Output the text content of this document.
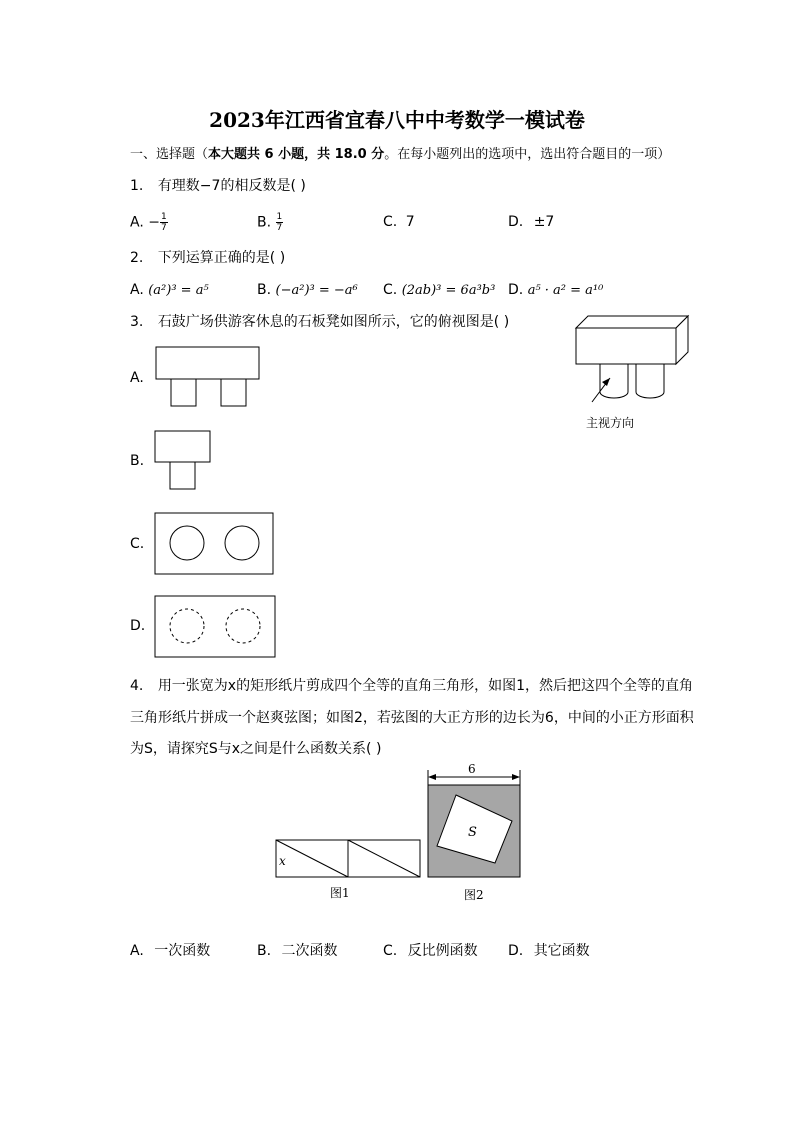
2023年江西省宜春八中中考数学一模试卷
一、选择题（本大题共 6 小题，共 18.0 分。在每小题列出的选项中，选出符合题目的一项）
1. 有理数−7的相反数是( )
A. − $\frac{1}{7}$	B. $\frac{1}{7}$	C. 7	D. ±7
2. 下列运算正确的是( )
A. (a²)³ = a⁵	B. (−a²)³ = −a⁶ C. (2ab)³ = 6a³b³ D. a⁵ · a² = a¹⁰
3. 石鼓广场供游客休息的石板凳如图所示，它的俯视图是( )
主视方向
A.
B.
C.
D.
4. 用一张宽为x的矩形纸片剪成四个全等的直角三角形，如图1，然后把这四个全等的直角
三角形纸片拼成一个赵爽弦图；如图2，若弦图的大正方形的边长为6，中间的小正方形面积
为S，请探究S与x之间是什么函数关系( )
x
图1
6
S
图2
A. 一次函数	B. 二次函数	C. 反比例函数 D. 其它函数
